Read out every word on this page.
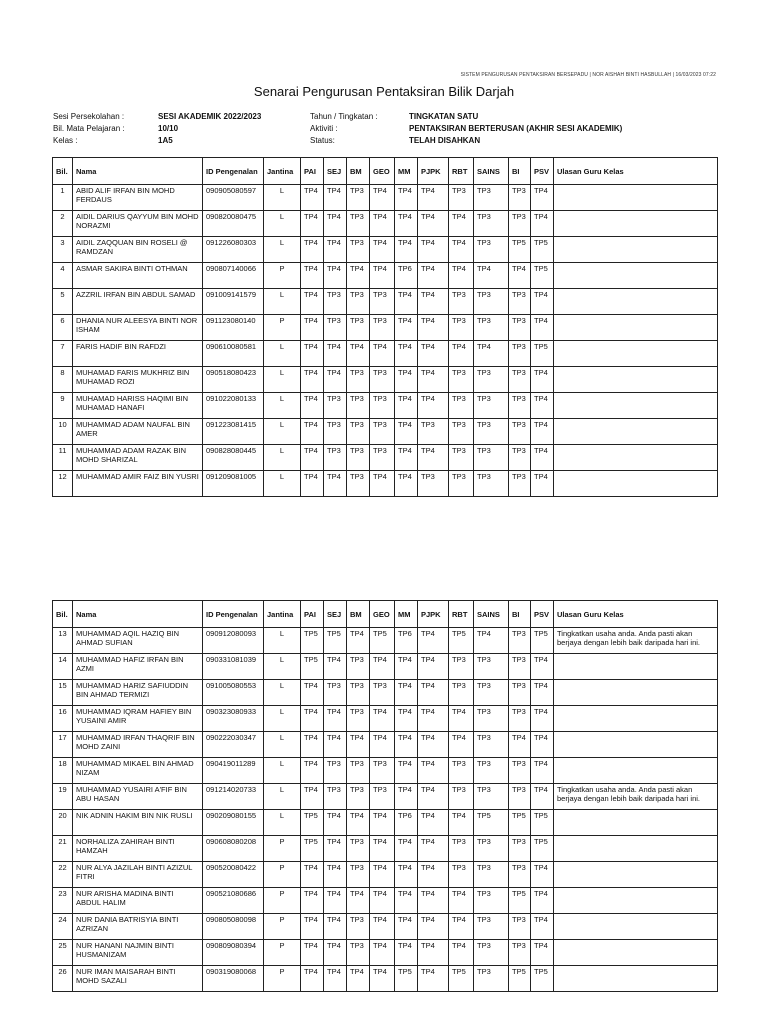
SISTEM PENGURUSAN PENTAKSIRAN BERSEPADU | NOR AISHAH BINTI HASBULLAH | 16/03/2023 07:22
Senarai Pengurusan Pentaksiran Bilik Darjah
Sesi Persekolahan :	SESI AKADEMIK 2022/2023	Tahun / Tingkatan :	TINGKATAN SATU
Bil. Mata Pelajaran :	10/10	Aktiviti :	PENTAKSIRAN BERTERUSAN (AKHIR SESI AKADEMIK)
Kelas :	1A5	Status:	TELAH DISAHKAN
Bil.	Nama	ID Pengenalan	Jantina	PAI	SEJ	BM	GEO	MM	PJPK	RBT	SAINS	BI	PSV	Ulasan Guru Kelas
1	ABID ALIF IRFAN BIN MOHD FERDAUS	090905080597	L	TP4	TP4	TP3	TP4	TP4	TP4	TP3	TP3	TP3	TP4	
2	AIDIL DARIUS QAYYUM BIN MOHD NORAZMI	090820080475	L	TP4	TP4	TP3	TP4	TP4	TP4	TP4	TP3	TP3	TP4	
3	AIDIL ZAQQUAN BIN ROSELI @ RAMDZAN	091226080303	L	TP4	TP4	TP3	TP4	TP4	TP4	TP4	TP3	TP5	TP5	
4	ASMAR SAKIRA BINTI OTHMAN	090807140066	P	TP4	TP4	TP4	TP4	TP6	TP4	TP4	TP4	TP4	TP5	
5	AZZRIL IRFAN BIN ABDUL SAMAD	091009141579	L	TP4	TP3	TP3	TP3	TP4	TP4	TP3	TP3	TP3	TP4	
6	DHANIA NUR ALEESYA BINTI NOR ISHAM	091123080140	P	TP4	TP3	TP3	TP3	TP4	TP4	TP3	TP3	TP3	TP4	
7	FARIS HADIF BIN RAFDZI	090610080581	L	TP4	TP4	TP4	TP4	TP4	TP4	TP4	TP4	TP3	TP5	
8	MUHAMAD FARIS MUKHRIZ BIN MUHAMAD ROZI	090518080423	L	TP4	TP4	TP3	TP3	TP4	TP4	TP3	TP3	TP3	TP4	
9	MUHAMAD HARISS HAQIMI BIN MUHAMAD HANAFI	091022080133	L	TP4	TP3	TP3	TP3	TP4	TP4	TP3	TP3	TP3	TP4	
10	MUHAMMAD ADAM NAUFAL BIN AMER	091223081415	L	TP4	TP3	TP3	TP3	TP4	TP3	TP3	TP3	TP3	TP4	
11	MUHAMMAD ADAM RAZAK BIN MOHD SHARIZAL	090828080445	L	TP4	TP3	TP3	TP3	TP4	TP4	TP3	TP3	TP3	TP4	
12	MUHAMMAD AMIR FAIZ BIN YUSRI	091209081005	L	TP4	TP4	TP3	TP4	TP4	TP3	TP3	TP3	TP3	TP4	
Bil.	Nama	ID Pengenalan	Jantina	PAI	SEJ	BM	GEO	MM	PJPK	RBT	SAINS	BI	PSV	Ulasan Guru Kelas
13	MUHAMMAD AQIL HAZIQ BIN AHMAD SUFIAN	090912080093	L	TP5	TP5	TP4	TP5	TP6	TP4	TP5	TP4	TP3	TP5	Tingkatkan usaha anda. Anda pasti akan berjaya dengan lebih baik daripada hari ini.
14	MUHAMMAD HAFIZ IRFAN BIN AZMI	090331081039	L	TP5	TP4	TP3	TP4	TP4	TP4	TP3	TP3	TP3	TP4	
15	MUHAMMAD HARIZ SAFIUDDIN BIN AHMAD TERMIZI	091005080553	L	TP4	TP3	TP3	TP3	TP4	TP4	TP3	TP3	TP3	TP4	
16	MUHAMMAD IQRAM HAFIEY BIN YUSAINI AMIR	090323080933	L	TP4	TP4	TP3	TP4	TP4	TP4	TP4	TP3	TP3	TP4	
17	MUHAMMAD IRFAN THAQRIF BIN MOHD ZAINI	090222030347	L	TP4	TP4	TP4	TP4	TP4	TP4	TP4	TP3	TP4	TP4	
18	MUHAMMAD MIKAEL BIN AHMAD NIZAM	090419011289	L	TP4	TP3	TP3	TP3	TP4	TP4	TP3	TP3	TP3	TP4	
19	MUHAMMAD YUSAIRI A'FIF BIN ABU HASAN	091214020733	L	TP4	TP3	TP3	TP3	TP4	TP4	TP3	TP3	TP3	TP4	Tingkatkan usaha anda. Anda pasti akan berjaya dengan lebih baik daripada hari ini.
20	NIK ADNIN HAKIM BIN NIK RUSLI	090209080155	L	TP5	TP4	TP4	TP4	TP6	TP4	TP4	TP5	TP5	TP5	
21	NORHALIZA ZAHIRAH BINTI HAMZAH	090608080208	P	TP5	TP4	TP3	TP4	TP4	TP4	TP3	TP3	TP3	TP5	
22	NUR ALYA JAZILAH BINTI AZIZUL FITRI	090520080422	P	TP4	TP4	TP3	TP4	TP4	TP4	TP3	TP3	TP3	TP4	
23	NUR ARISHA MADINA BINTI ABDUL HALIM	090521080686	P	TP4	TP4	TP4	TP4	TP4	TP4	TP4	TP3	TP5	TP4	
24	NUR DANIA BATRISYIA BINTI AZRIZAN	090805080098	P	TP4	TP4	TP3	TP4	TP4	TP4	TP4	TP3	TP3	TP4	
25	NUR HANANI NAJMIN BINTI HUSMANIZAM	090809080394	P	TP4	TP4	TP3	TP4	TP4	TP4	TP4	TP3	TP3	TP4	
26	NUR IMAN MAISARAH BINTI MOHD SAZALI	090319080068	P	TP4	TP4	TP4	TP4	TP5	TP4	TP5	TP3	TP5	TP5	
